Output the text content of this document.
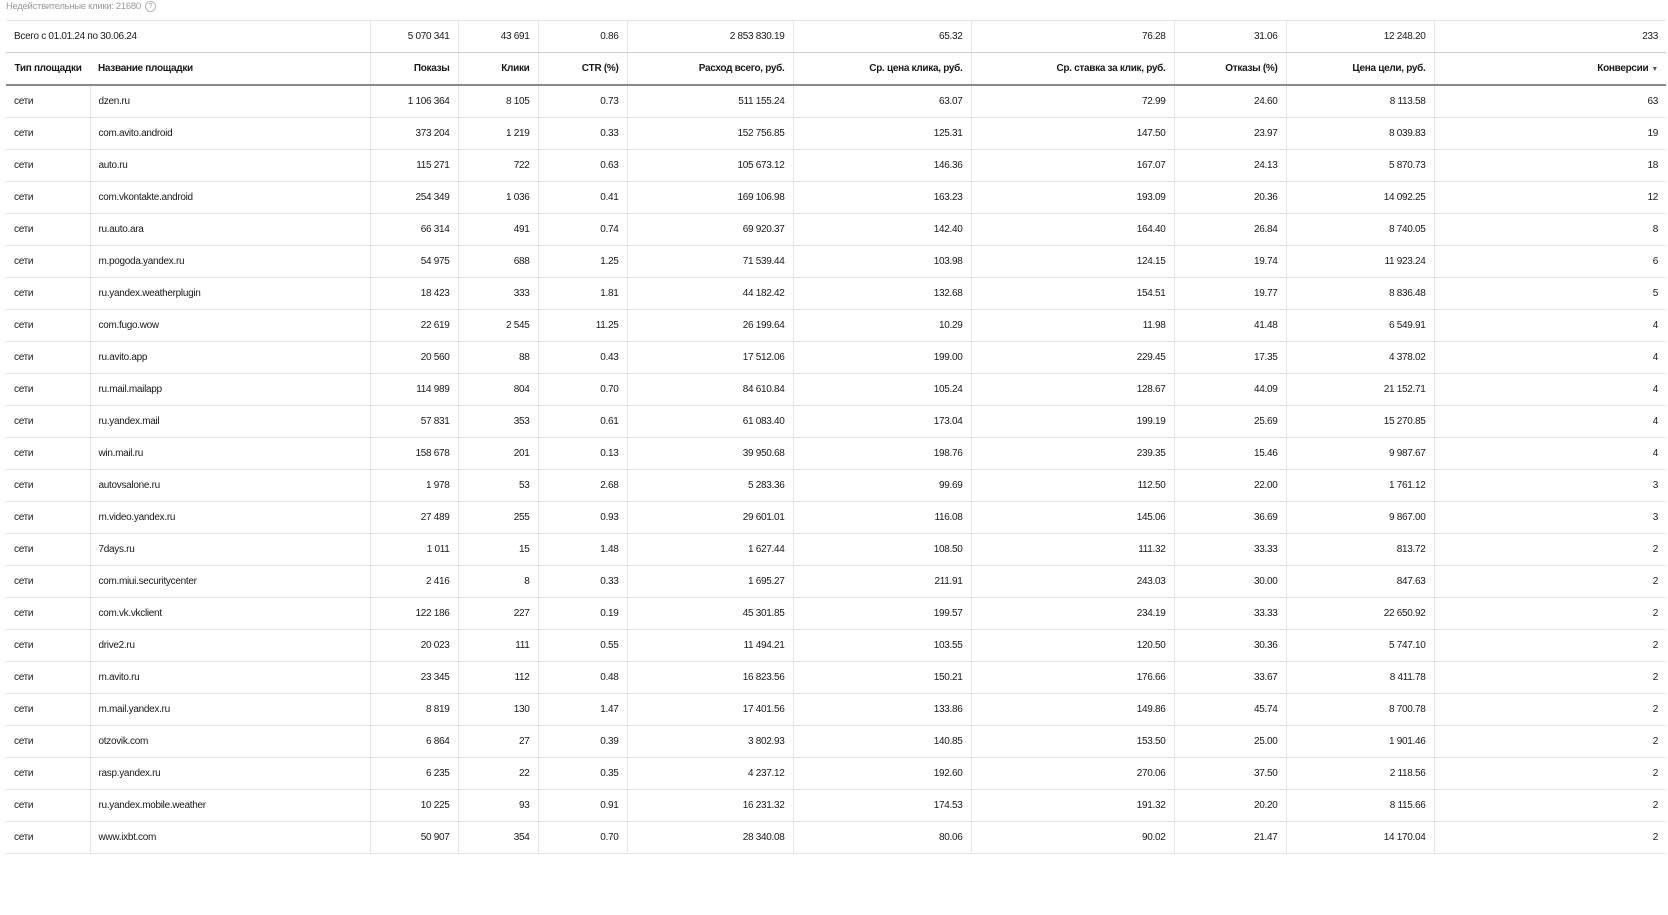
Недействительные клики: 21680	?
Всего с 01.01.24 по 30.06.24		5 070 341	43 691	0.86	2 853 830.19	65.32	76.28	31.06	12 248.20	233
Тип площадки	Название площадки	Показы	Клики	CTR (%)	Расход всего, руб.	Ср. цена клика, руб.	Ср. ставка за клик, руб.	Отказы (%)	Цена цели, руб.	Конверсии ▼
сети	dzen.ru	1 106 364	8 105	0.73	511 155.24	63.07	72.99	24.60	8 113.58	63
сети	com.avito.android	373 204	1 219	0.33	152 756.85	125.31	147.50	23.97	8 039.83	19
сети	auto.ru	115 271	722	0.63	105 673.12	146.36	167.07	24.13	5 870.73	18
сети	com.vkontakte.android	254 349	1 036	0.41	169 106.98	163.23	193.09	20.36	14 092.25	12
сети	ru.auto.ara	66 314	491	0.74	69 920.37	142.40	164.40	26.84	8 740.05	8
сети	m.pogoda.yandex.ru	54 975	688	1.25	71 539.44	103.98	124.15	19.74	11 923.24	6
сети	ru.yandex.weatherplugin	18 423	333	1.81	44 182.42	132.68	154.51	19.77	8 836.48	5
сети	com.fugo.wow	22 619	2 545	11.25	26 199.64	10.29	11.98	41.48	6 549.91	4
сети	ru.avito.app	20 560	88	0.43	17 512.06	199.00	229.45	17.35	4 378.02	4
сети	ru.mail.mailapp	114 989	804	0.70	84 610.84	105.24	128.67	44.09	21 152.71	4
сети	ru.yandex.mail	57 831	353	0.61	61 083.40	173.04	199.19	25.69	15 270.85	4
сети	win.mail.ru	158 678	201	0.13	39 950.68	198.76	239.35	15.46	9 987.67	4
сети	autovsalone.ru	1 978	53	2.68	5 283.36	99.69	112.50	22.00	1 761.12	3
сети	m.video.yandex.ru	27 489	255	0.93	29 601.01	116.08	145.06	36.69	9 867.00	3
сети	7days.ru	1 011	15	1.48	1 627.44	108.50	111.32	33.33	813.72	2
сети	com.miui.securitycenter	2 416	8	0.33	1 695.27	211.91	243.03	30.00	847.63	2
сети	com.vk.vkclient	122 186	227	0.19	45 301.85	199.57	234.19	33.33	22 650.92	2
сети	drive2.ru	20 023	111	0.55	11 494.21	103.55	120.50	30.36	5 747.10	2
сети	m.avito.ru	23 345	112	0.48	16 823.56	150.21	176.66	33.67	8 411.78	2
сети	m.mail.yandex.ru	8 819	130	1.47	17 401.56	133.86	149.86	45.74	8 700.78	2
сети	otzovik.com	6 864	27	0.39	3 802.93	140.85	153.50	25.00	1 901.46	2
сети	rasp.yandex.ru	6 235	22	0.35	4 237.12	192.60	270.06	37.50	2 118.56	2
сети	ru.yandex.mobile.weather	10 225	93	0.91	16 231.32	174.53	191.32	20.20	8 115.66	2
сети	www.ixbt.com	50 907	354	0.70	28 340.08	80.06	90.02	21.47	14 170.04	2
